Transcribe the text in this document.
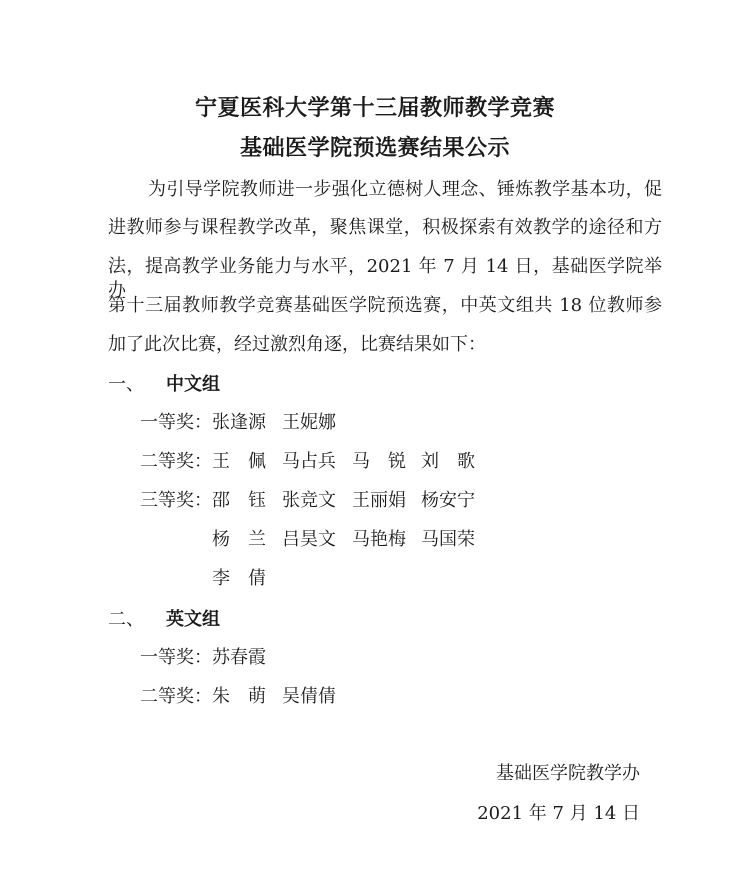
宁夏医科大学第十三届教师教学竞赛
基础医学院预选赛结果公示
为引导学院教师进一步强化立德树人理念、锤炼教学基本功，促
进教师参与课程教学改革，聚焦课堂，积极探索有效教学的途径和方
法，提高教学业务能力与水平，2021 年 7 月 14 日，基础医学院举办
第十三届教师教学竞赛基础医学院预选赛，中英文组共 18 位教师参
加了此次比赛，经过激烈角逐，比赛结果如下：
一、 中文组
一等奖： 张逢源 王妮娜
二等奖： 王　佩 马占兵 马　锐 刘　歌
三等奖： 邵　钰 张竞文 王丽娟 杨安宁
杨　兰 吕昊文 马艳梅 马国荣
李　倩
二、 英文组
一等奖： 苏春霞
二等奖： 朱　萌 吴倩倩
基础医学院教学办
2021 年 7 月 14 日
